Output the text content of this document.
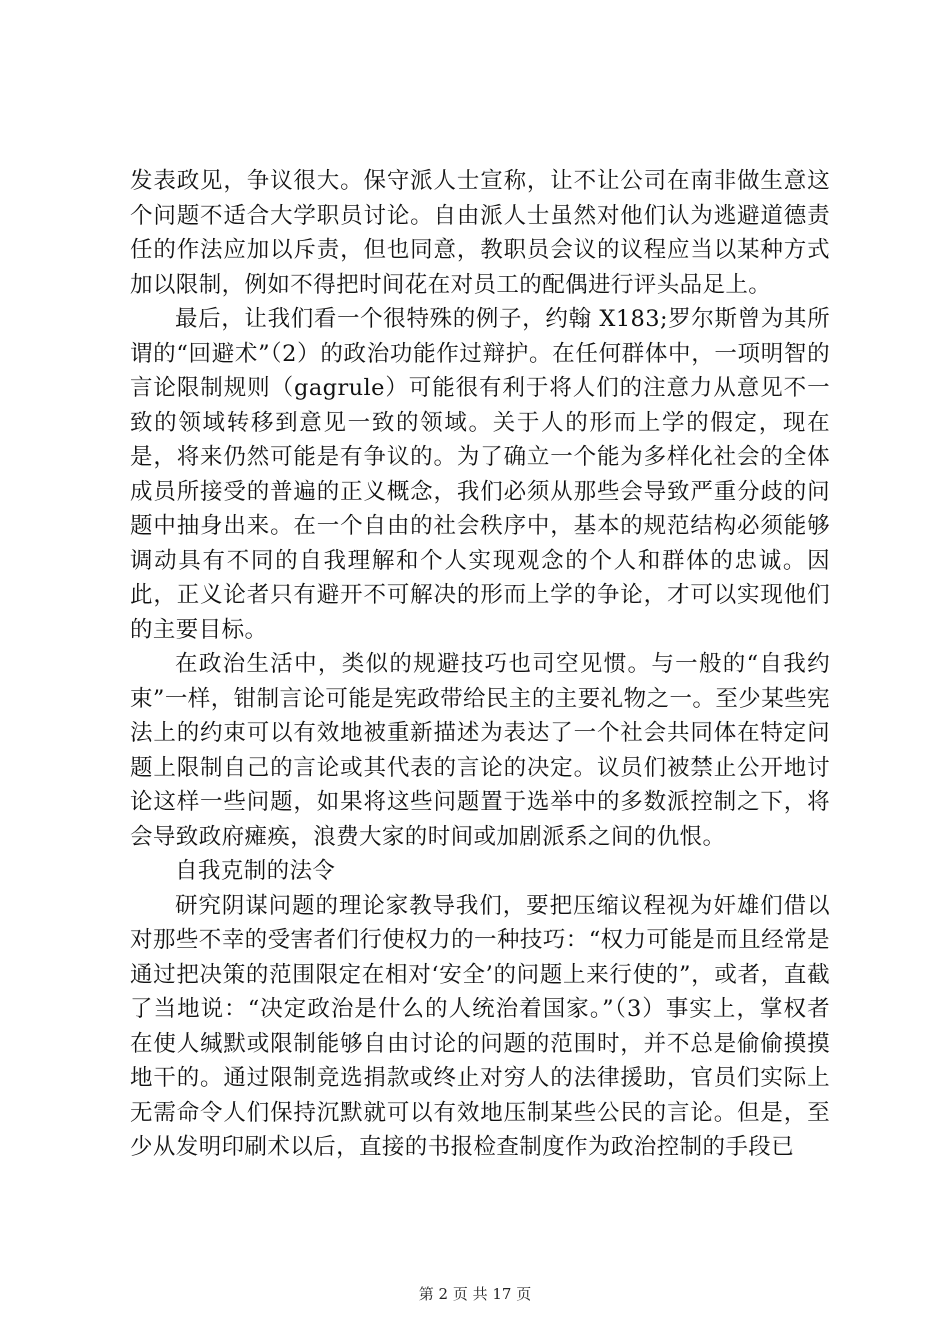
发表政见，争议很大。保守派人士宣称，让不让公司在南非做生意这个问题不适合大学职员讨论。自由派人士虽然对他们认为逃避道德责任的作法应加以斥责，但也同意，教职员会议的议程应当以某种方式加以限制，例如不得把时间花在对员工的配偶进行评头品足上。

最后，让我们看一个很特殊的例子，约翰 X183;罗尔斯曾为其所谓的“回避术”（2）的政治功能作过辩护。在任何群体中，一项明智的言论限制规则（gagrule）可能很有利于将人们的注意力从意见不一致的领域转移到意见一致的领域。关于人的形而上学的假定，现在是，将来仍然可能是有争议的。为了确立一个能为多样化社会的全体成员所接受的普遍的正义概念，我们必须从那些会导致严重分歧的问题中抽身出来。在一个自由的社会秩序中，基本的规范结构必须能够调动具有不同的自我理解和个人实现观念的个人和群体的忠诚。因此，正义论者只有避开不可解决的形而上学的争论，才可以实现他们的主要目标。

在政治生活中，类似的规避技巧也司空见惯。与一般的“自我约束”一样，钳制言论可能是宪政带给民主的主要礼物之一。至少某些宪法上的约束可以有效地被重新描述为表达了一个社会共同体在特定问题上限制自己的言论或其代表的言论的决定。议员们被禁止公开地讨论这样一些问题，如果将这些问题置于选举中的多数派控制之下，将会导致政府瘫痪，浪费大家的时间或加剧派系之间的仇恨。

自我克制的法令

研究阴谋问题的理论家教导我们，要把压缩议程视为奸雄们借以对那些不幸的受害者们行使权力的一种技巧：“权力可能是而且经常是通过把决策的范围限定在相对‘安全’的问题上来行使的”，或者，直截了当地说：“决定政治是什么的人统治着国家。”（3）事实上，掌权者在使人缄默或限制能够自由讨论的问题的范围时，并不总是偷偷摸摸地干的。通过限制竞选捐款或终止对穷人的法律援助，官员们实际上无需命令人们保持沉默就可以有效地压制某些公民的言论。但是，至少从发明印刷术以后，直接的书报检查制度作为政治控制的手段已

第 2 页 共 17 页
